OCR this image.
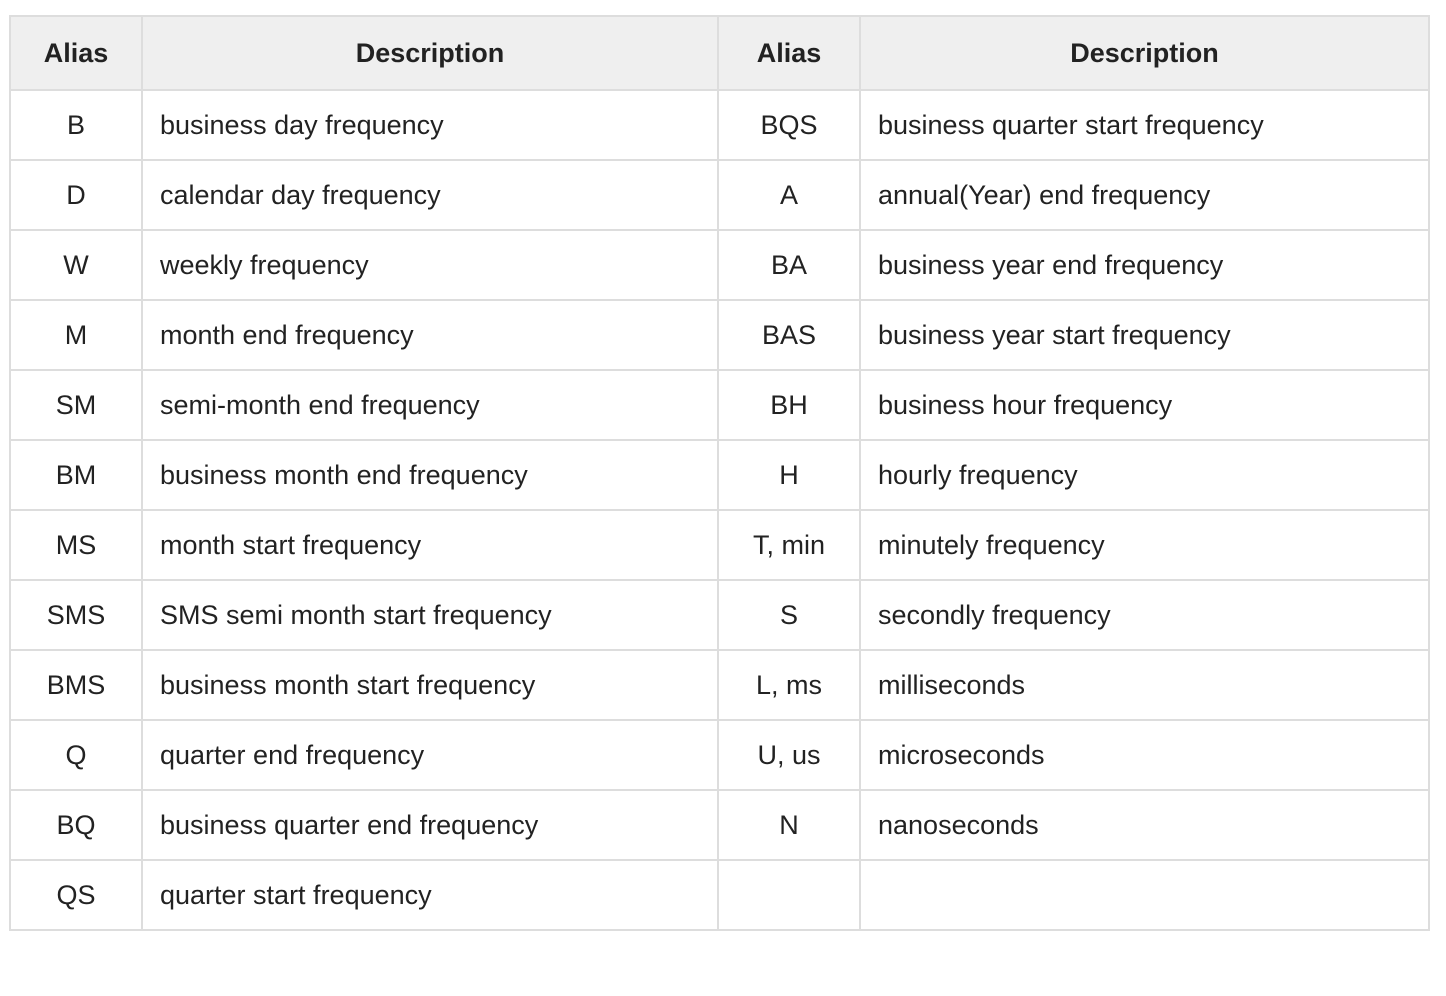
Alias	Description	Alias	Description
B	business day frequency	BQS	business quarter start frequency
D	calendar day frequency	A	annual(Year) end frequency
W	weekly frequency	BA	business year end frequency
M	month end frequency	BAS	business year start frequency
SM	semi-month end frequency	BH	business hour frequency
BM	business month end frequency	H	hourly frequency
MS	month start frequency	T, min	minutely frequency
SMS	SMS semi month start frequency	S	secondly frequency
BMS	business month start frequency	L, ms	milliseconds
Q	quarter end frequency	U, us	microseconds
BQ	business quarter end frequency	N	nanoseconds
QS	quarter start frequency		
